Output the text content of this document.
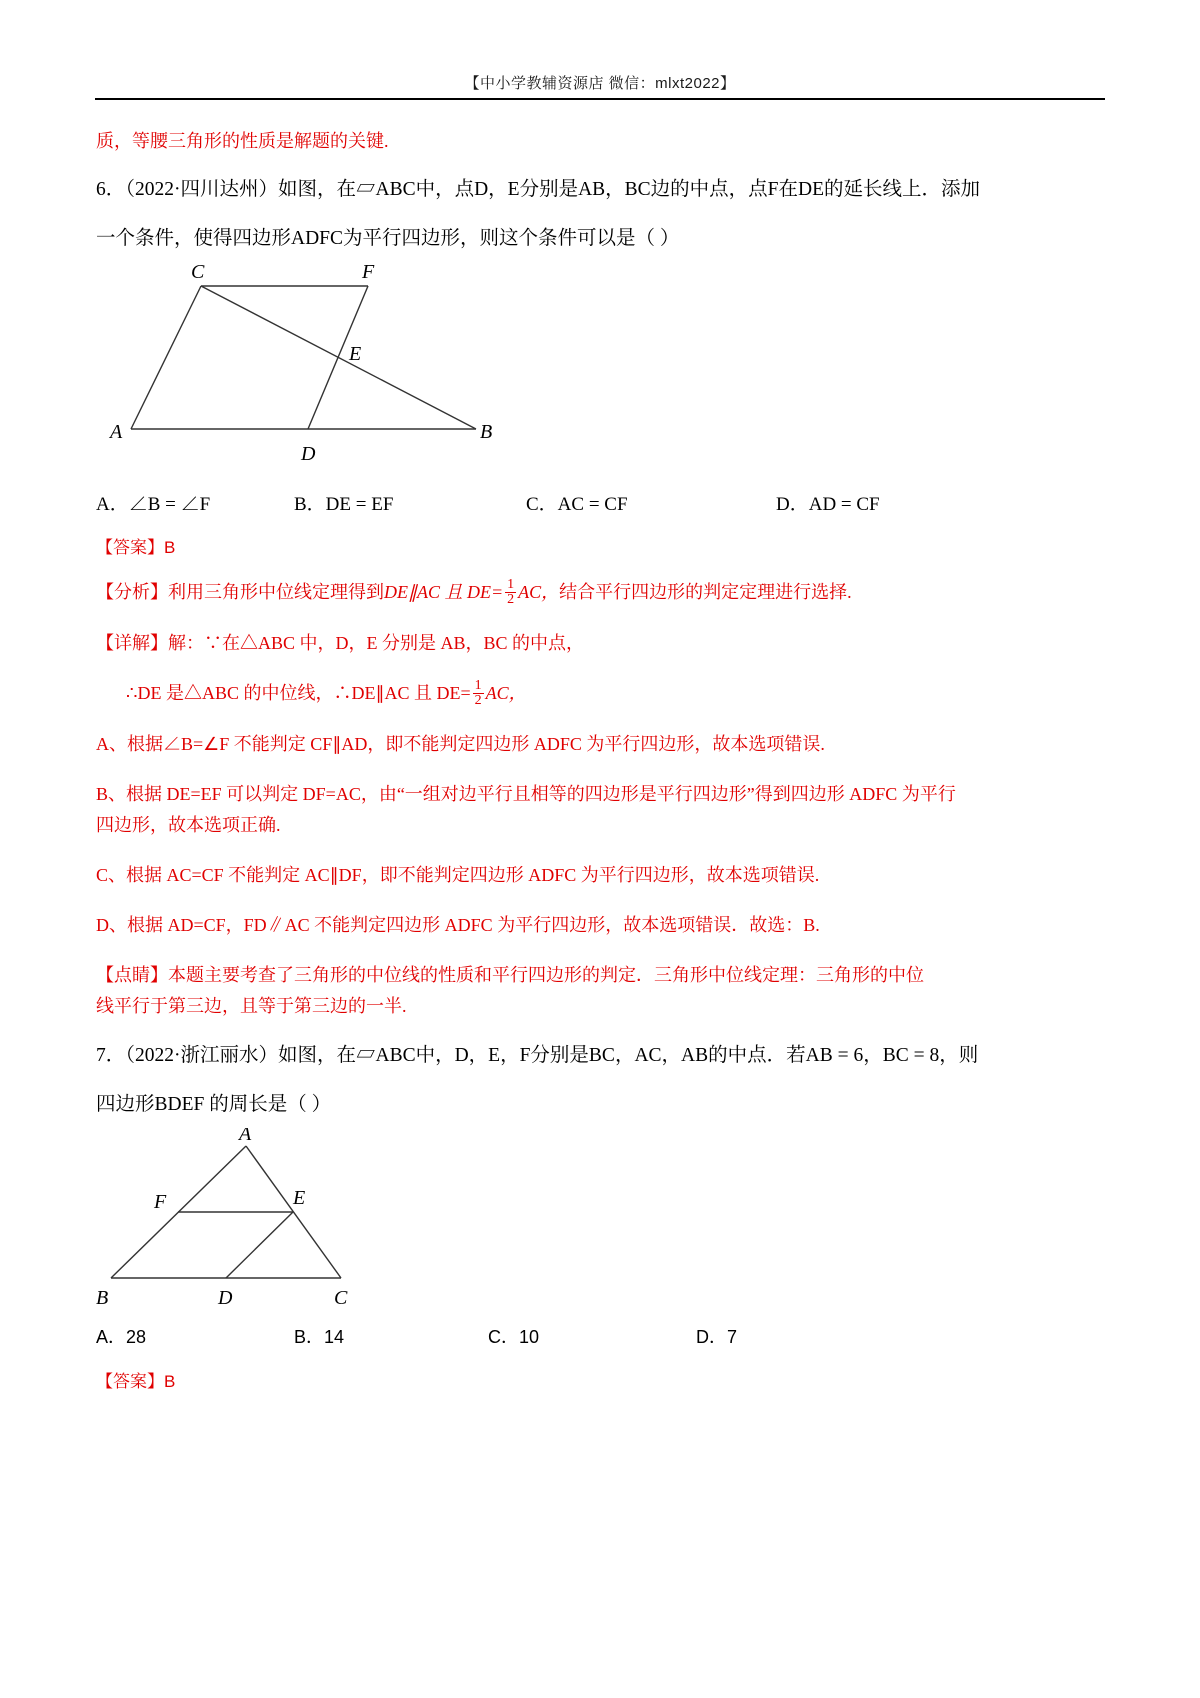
【中小学教辅资源店 微信：mlxt2022】

质，等腰三角形的性质是解题的关键.

6．（2022·四川达州）如图，在▱ABC中，点D，E分别是AB，BC边的中点，点F在DE的延长线上．添加

一个条件，使得四边形ADFC为平行四边形，则这个条件可以是（ ）

C	F
E
A
D
B
A．∠B = ∠F	B．DE = EF	C．AC = CF	D．AD = CF

【答案】B

【分析】利用三角形中位线定理得到DE∥AC 且 $DE= \frac{1}{2}$ AC，结合平行四边形的判定定理进行选择.

【详解】解：∵在△ABC 中，D，E 分别是 AB，BC 的中点，

∴DE 是△ABC 的中位线，∴DE∥AC 且 $DE= \frac{1}{2}$ AC，

A、根据∠B=∠F 不能判定 CF∥AD，即不能判定四边形 ADFC 为平行四边形，故本选项错误.

B、根据 DE=EF 可以判定 DF=AC，由“一组对边平行且相等的四边形是平行四边形”得到四边形 ADFC 为平行

四边形，故本选项正确.

C、根据 AC=CF 不能判定 AC∥DF，即不能判定四边形 ADFC 为平行四边形，故本选项错误.

D、根据 AD=CF，FD∥AC 不能判定四边形 ADFC 为平行四边形，故本选项错误．故选：B.

【点睛】本题主要考查了三角形的中位线的性质和平行四边形的判定．三角形中位线定理：三角形的中位

线平行于第三边，且等于第三边的一半.

7．（2022·浙江丽水）如图，在▱ABC中，D，E，F分别是BC，AC，AB的中点．若AB = 6，BC = 8，则

四边形BDEF 的周长是（ ）

A
F	E
B	D	C
A．28	B．14	C．10	D．7

【答案】B
